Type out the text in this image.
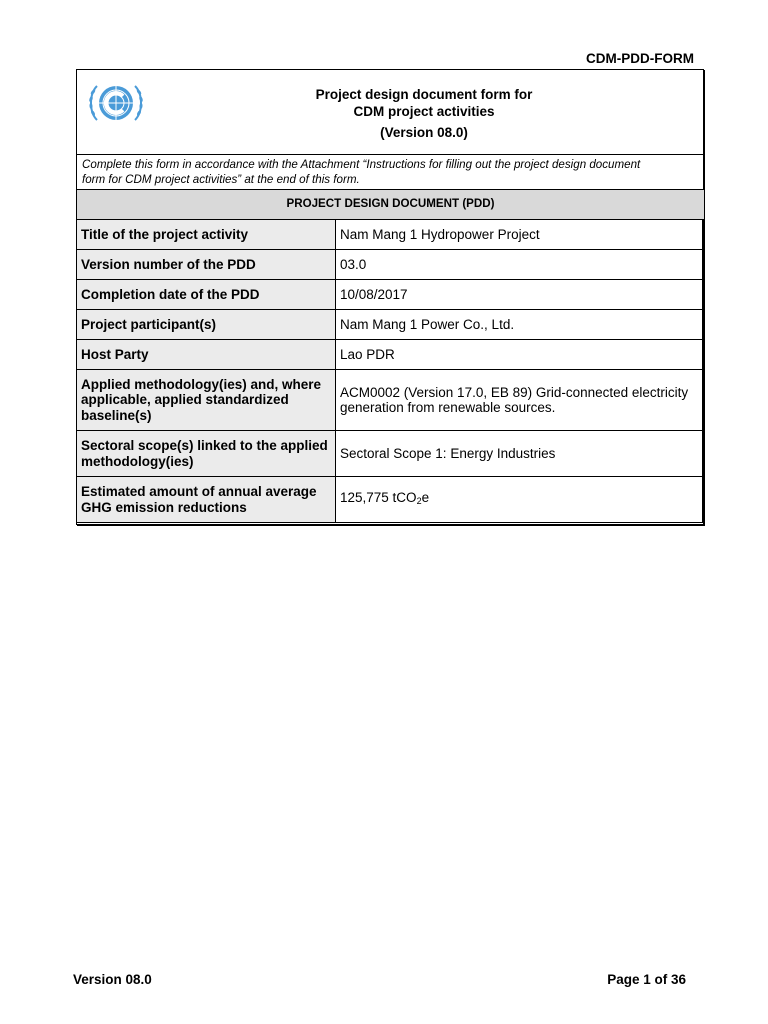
CDM-PDD-FORM
Project design document form for
CDM project activities
(Version 08.0)
Complete this form in accordance with the Attachment “Instructions for filling out the project design document
form for CDM project activities” at the end of this form.
PROJECT DESIGN DOCUMENT (PDD)
Title of the project activity	Nam Mang 1 Hydropower Project
Version number of the PDD	03.0
Completion date of the PDD	10/08/2017
Project participant(s)	Nam Mang 1 Power Co., Ltd.
Host Party	Lao PDR
Applied methodology(ies) and, where applicable, applied standardized baseline(s)	ACM0002 (Version 17.0, EB 89) Grid-connected electricity generation from renewable sources.
Sectoral scope(s) linked to the applied methodology(ies)	Sectoral Scope 1: Energy Industries
Estimated amount of annual average GHG emission reductions	125,775 tCO$_2$e
Version 08.0	Page 1 of 36
